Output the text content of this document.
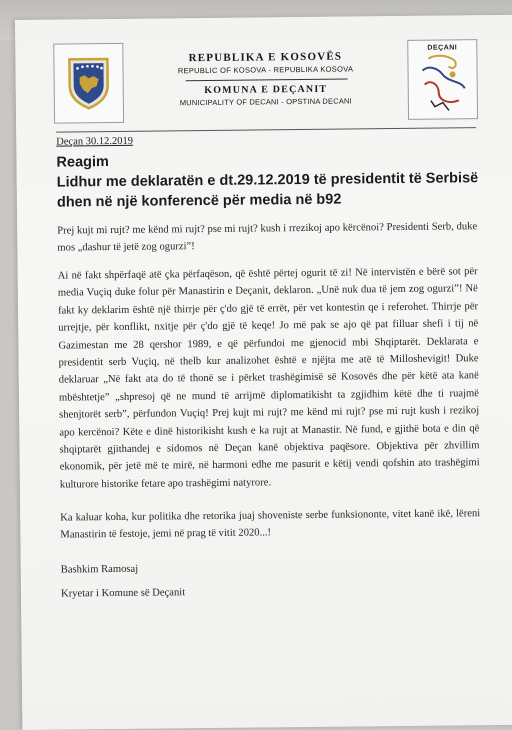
REPUBLIKA E KOSOVËS
REPUBLIC OF KOSOVA - REPUBLIKA KOSOVA
KOMUNA E DEÇANIT
MUNICIPALITY OF DECANI - OPSTINA DECANI
DEÇANI
Deçan 30.12.2019
Reagim
Lidhur me deklaratën e dt.29.12.2019 të presidentit të Serbisë
dhen në një konferencë për media në b92
Prej kujt mi rujt? me kënd mi rujt? pse mi rujt? kush i rrezikoj apo kërcënoi? Presidenti Serb, duke mos „dashur të jetë zog ogurzi”!
Ai në fakt shpërfaqë atë çka përfaqëson, që është përtej ogurit të zi! Në intervistën e bërë sot për media Vuçiq duke folur për Manastirin e Deçanit, deklaron. „Unë nuk dua të jem zog ogurzi”! Në fakt ky deklarim është një thirrje për ç'do gjë të errët, për vet kontestin qe i referohet. Thirrje për urrejtje, për konflikt, nxitje për ç'do gjë të keqe! Jo më pak se ajo që pat filluar shefi i tij në Gazimestan me 28 qershor 1989, e që përfundoi me gjenocid mbi Shqiptarët. Deklarata e presidentit serb Vuçiq, në thelb kur analizohet është e njëjta me atë të Milloshevigit! Duke deklaruar „Në fakt ata do të thonë se i përket trashëgimisë së Kosovës dhe për këtë ata kanë mbështetje” „shpresoj që ne mund të arrijmë diplomatikisht ta zgjidhim këtë dhe ti ruajmë shenjtorët serb”, përfundon Vuçiq! Prej kujt mi rujt? me kënd mi rujt? pse mi rujt kush i rezikoj apo kercënoi? Këte e dinë historikisht kush e ka rujt at Manastir. Në fund, e gjithë bota e din që shqiptarët gjithandej e sidomos në Deçan kanë objektiva paqësore. Objektiva për zhvillim ekonomik, për jetë më te mirë, në harmoni edhe me pasurit e këtij vendi qofshin ato trashëgimi kulturore historike fetare apo trashëgimi natyrore.
Ka kaluar koha, kur politika dhe retorika juaj shoveniste serbe funksiononte, vitet kanë ikë, lëreni Manastirin të festoje, jemi në prag të vitit 2020...!
Bashkim Ramosaj
Kryetar i Komune së Deçanit
